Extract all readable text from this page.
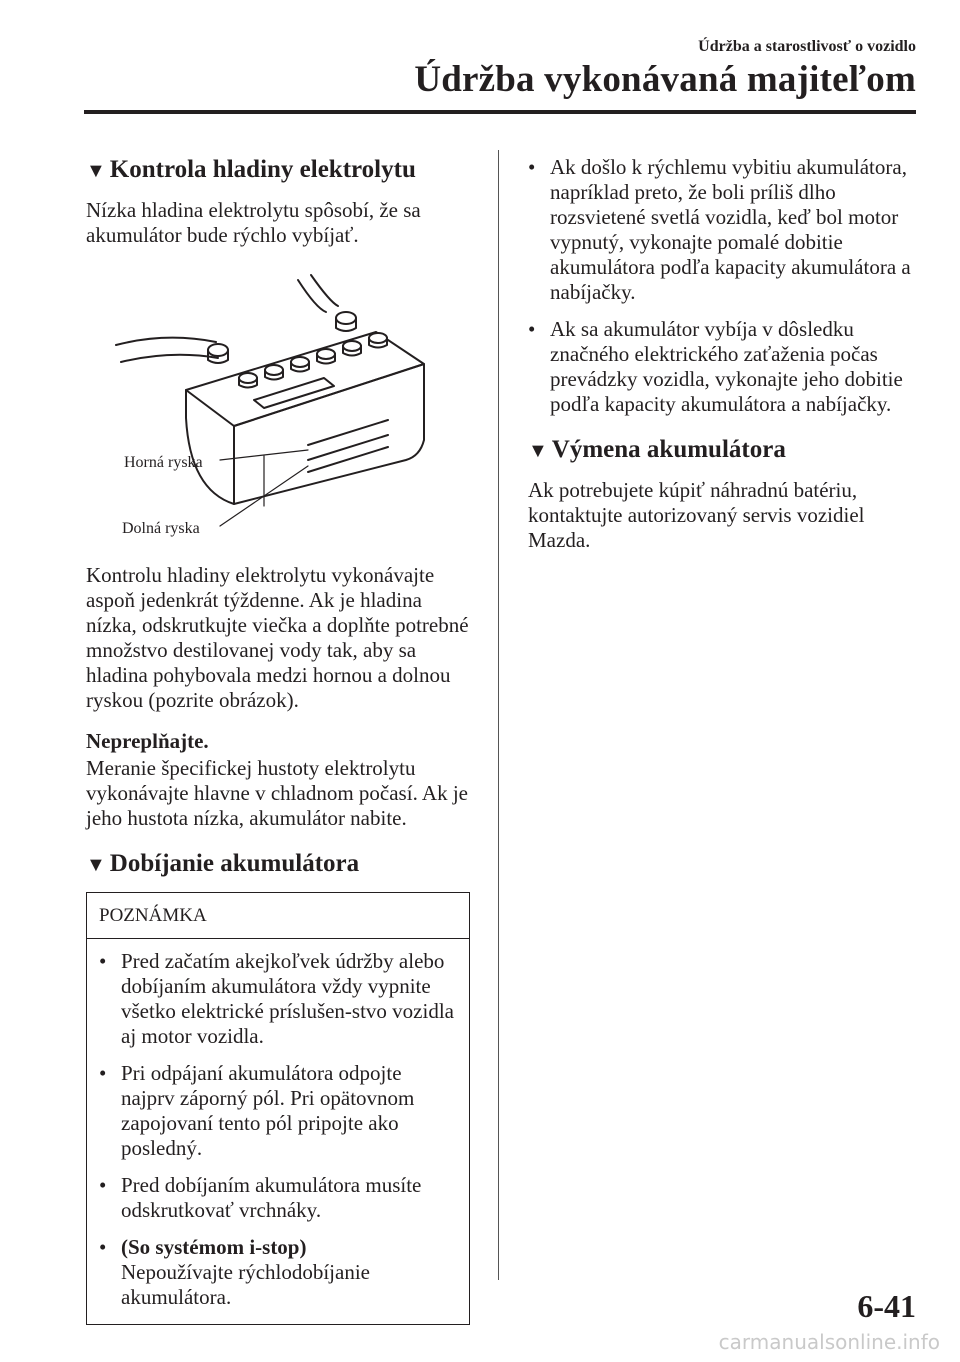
Údržba a starostlivosť o vozidlo
Údržba vykonávaná majiteľom
▼ Kontrola hladiny elektrolytu

Nízka hladina elektrolytu spôsobí, že sa akumulátor bude rýchlo vybíjať.

Horná ryska
Dolná ryska

Kontrolu hladiny elektrolytu vykonávajte aspoň jedenkrát týždenne. Ak je hladina nízka, odskrutkujte viečka a doplňte potrebné množstvo destilovanej vody tak, aby sa hladina pohybovala medzi hornou a dolnou ryskou (pozrite obrázok).

Nepreplňajte.

Meranie špecifickej hustoty elektrolytu vykonávajte hlavne v chladnom počasí. Ak je jeho hustota nízka, akumulátor nabite.

▼ Dobíjanie akumulátora
POZNÁMKA
• Pred začatím akejkoľvek údržby alebo dobíjaním akumulátora vždy vypnite všetko elektrické príslušen-stvo vozidla aj motor vozidla.
• Pri odpájaní akumulátora odpojte najprv záporný pól. Pri opätovnom zapojovaní tento pól pripojte ako posledný.
• Pred dobíjaním akumulátora musíte odskrutkovať vrchnáky.
• (So systémom i-stop)
Nepoužívajte rýchlodobíjanie akumulátora.
• Ak došlo k rýchlemu vybitiu akumulátora, napríklad preto, že boli príliš dlho rozsvietené svetlá vozidla, keď bol motor vypnutý, vykonajte pomalé dobitie akumulátora podľa kapacity akumulátora a nabíjačky.
• Ak sa akumulátor vybíja v dôsledku značného elektrického zaťaženia počas prevádzky vozidla, vykonajte jeho dobitie podľa kapacity akumulátora a nabíjačky.
▼ Výmena akumulátora

Ak potrebujete kúpiť náhradnú batériu, kontaktujte autorizovaný servis vozidiel Mazda.

6-41
carmanualsonline.info
